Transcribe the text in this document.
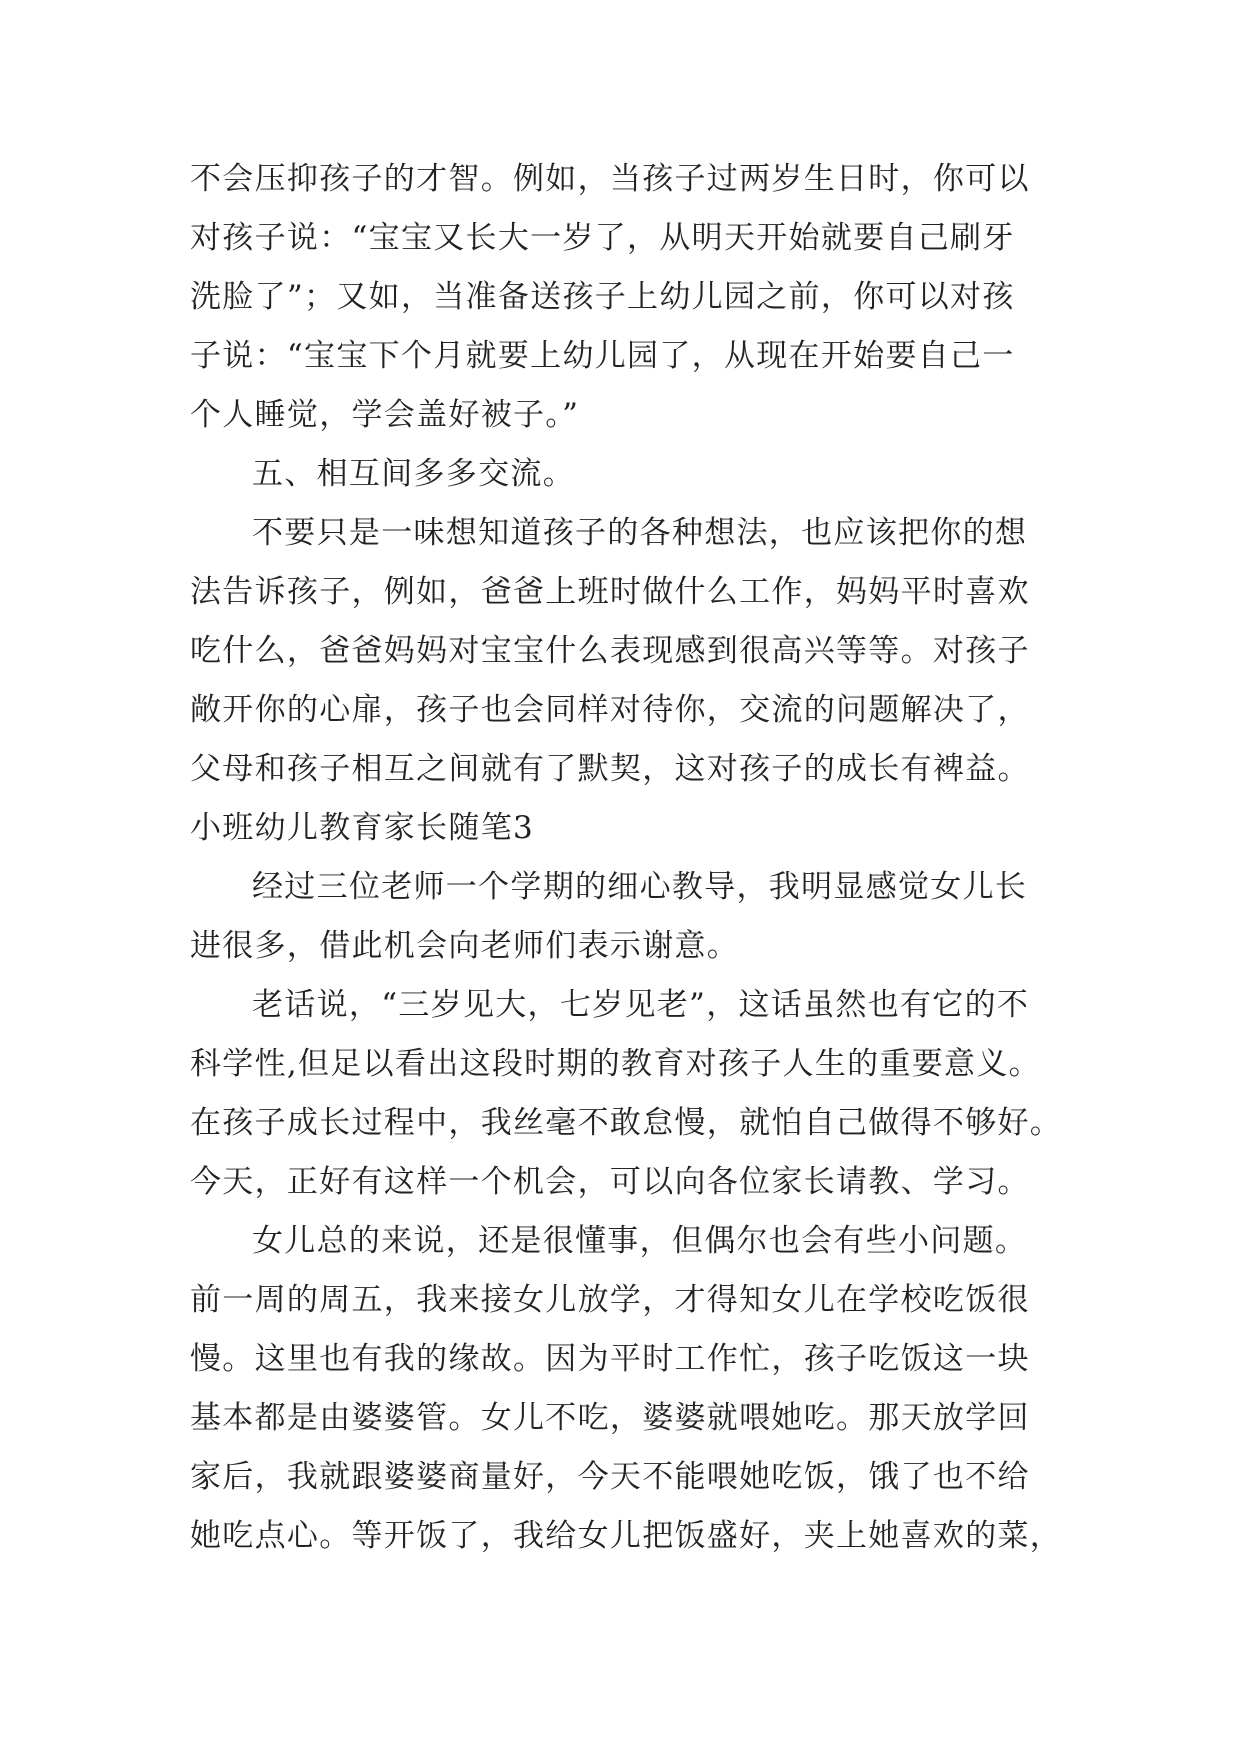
不会压抑孩子的才智。例如，当孩子过两岁生日时，你可以
对孩子说：“宝宝又长大一岁了，从明天开始就要自己刷牙
洗脸了”；又如，当准备送孩子上幼儿园之前，你可以对孩
子说：“宝宝下个月就要上幼儿园了，从现在开始要自己一
个人睡觉，学会盖好被子。”
五、相互间多多交流。
不要只是一味想知道孩子的各种想法，也应该把你的想
法告诉孩子，例如，爸爸上班时做什么工作，妈妈平时喜欢
吃什么，爸爸妈妈对宝宝什么表现感到很高兴等等。对孩子
敞开你的心扉，孩子也会同样对待你，交流的问题解决了，
父母和孩子相互之间就有了默契，这对孩子的成长有裨益。
小班幼儿教育家长随笔3
经过三位老师一个学期的细心教导，我明显感觉女儿长
进很多，借此机会向老师们表示谢意。
老话说，“三岁见大，七岁见老”，这话虽然也有它的不
科学性,但足以看出这段时期的教育对孩子人生的重要意义。
在孩子成长过程中，我丝毫不敢怠慢，就怕自己做得不够好。
今天，正好有这样一个机会，可以向各位家长请教、学习。
女儿总的来说，还是很懂事，但偶尔也会有些小问题。
前一周的周五，我来接女儿放学，才得知女儿在学校吃饭很
慢。这里也有我的缘故。因为平时工作忙，孩子吃饭这一块
基本都是由婆婆管。女儿不吃，婆婆就喂她吃。那天放学回
家后，我就跟婆婆商量好，今天不能喂她吃饭，饿了也不给
她吃点心。等开饭了，我给女儿把饭盛好，夹上她喜欢的菜，
